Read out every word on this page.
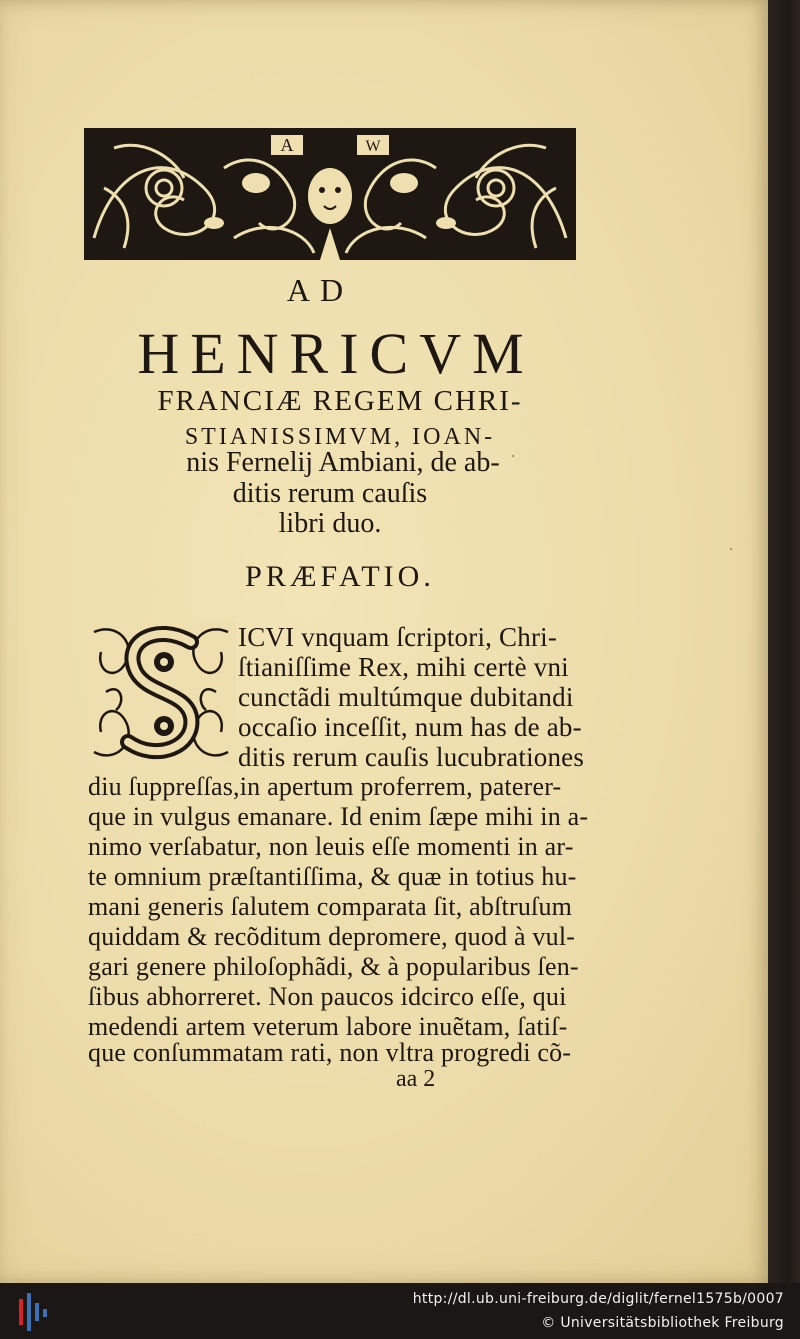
A	W
AD
HENRICVM
FRANCIÆ REGEM CHRI-
STIANISSIMVM, IOAN-
nis Fernelij Ambiani, de ab-
ditis rerum cauſis
libri duo.
PRÆFATIO.
ICVI vnquam ſcriptori, Chri-
ſtianiſſime Rex, mihi certè vni
cunctãdi multúmque dubitandi
occaſio inceſſit, num has de ab-
ditis rerum cauſis lucubrationes
diu ſuppreſſas,in apertum proferrem, paterer-
que in vulgus emanare. Id enim ſæpe mihi in a-
nimo verſabatur, non leuis eſſe momenti in ar-
te omnium præſtantiſſima, & quæ in totius hu-
mani generis ſalutem comparata ſit, abſtruſum
quiddam & recõditum depromere, quod à vul-
gari genere philoſophãdi, & à popularibus ſen-
ſibus abhorreret. Non paucos idcirco eſſe, qui
medendi artem veterum labore inuẽtam, ſatiſ-
que conſummatam rati, non vltra progredi cõ-
aa 2
http://dl.ub.uni-freiburg.de/diglit/fernel1575b/0007
© Universitätsbibliothek Freiburg
